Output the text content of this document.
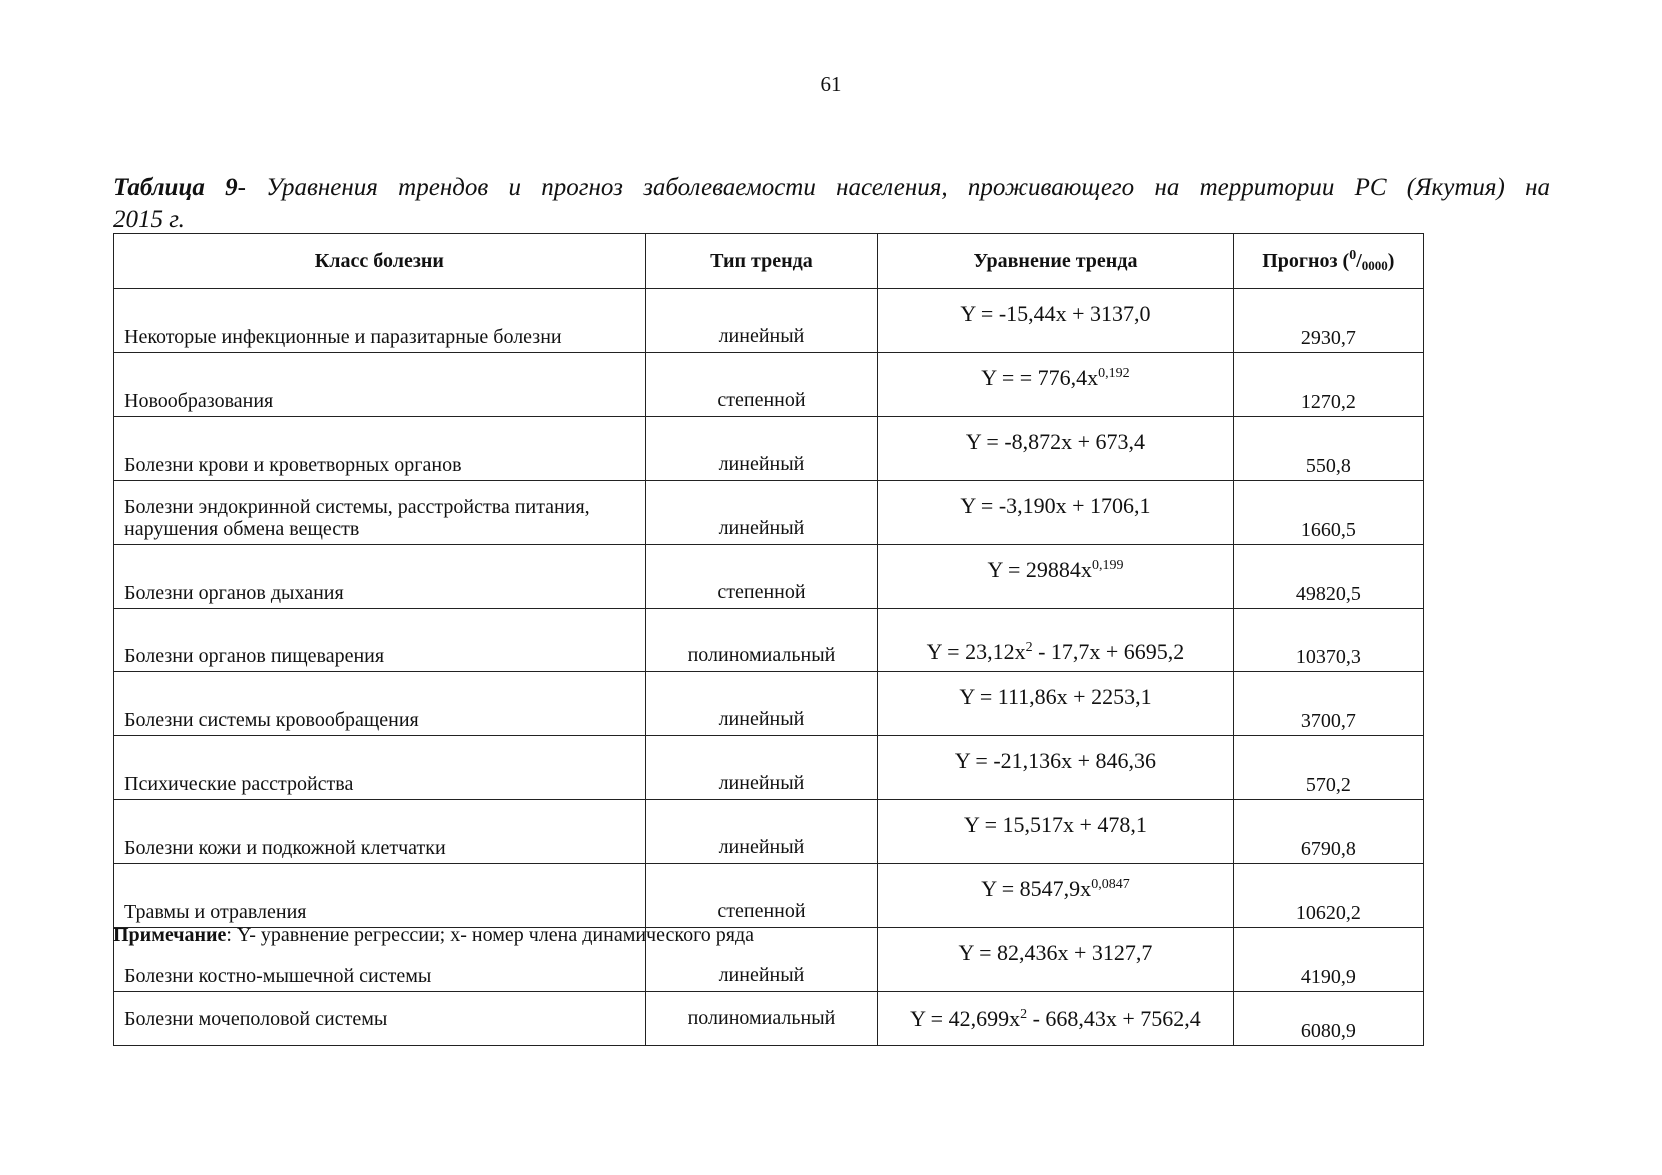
61
Таблица 9- Уравнения трендов и прогноз заболеваемости населения, проживающего на территории РС (Якутия) на
2015 г.
Класс болезни	Тип тренда	Уравнение тренда	Прогноз $(^0/_{0000})$
Некоторые инфекционные и паразитарные болезни	линейный	Y = -15,44x + 3137,0	2930,7
Новообразования	степенной	Y = = $776,4x^{0,192}$	1270,2
Болезни крови и кроветворных органов	линейный	Y = -8,872x + 673,4	550,8
Болезни эндокринной системы, расстройства питания, нарушения обмена веществ	линейный	Y = -3,190x + 1706,1	1660,5
Болезни органов дыхания	степенной	$Y = 29884x^{0,199}$	49820,5
Болезни органов пищеварения	полиномиальный	$Y = 23,12x^2 - 17,7x + 6695,2$	10370,3
Болезни системы кровообращения	линейный	Y = 111,86x + 2253,1	3700,7
Психические расстройства	линейный	Y = -21,136x + 846,36	570,2
Болезни кожи и подкожной клетчатки	линейный	Y = 15,517x + 478,1	6790,8
Травмы и отравления	степенной	$Y = 8547,9x^{0,0847}$	10620,2
Болезни костно-мышечной системы	линейный	Y = 82,436x + 3127,7	4190,9
Болезни мочеполовой системы	полиномиальный	$Y = 42,699x^2 - 668,43x + 7562,4$	6080,9
Примечание: Y- уравнение регрессии; x- номер члена динамического ряда
